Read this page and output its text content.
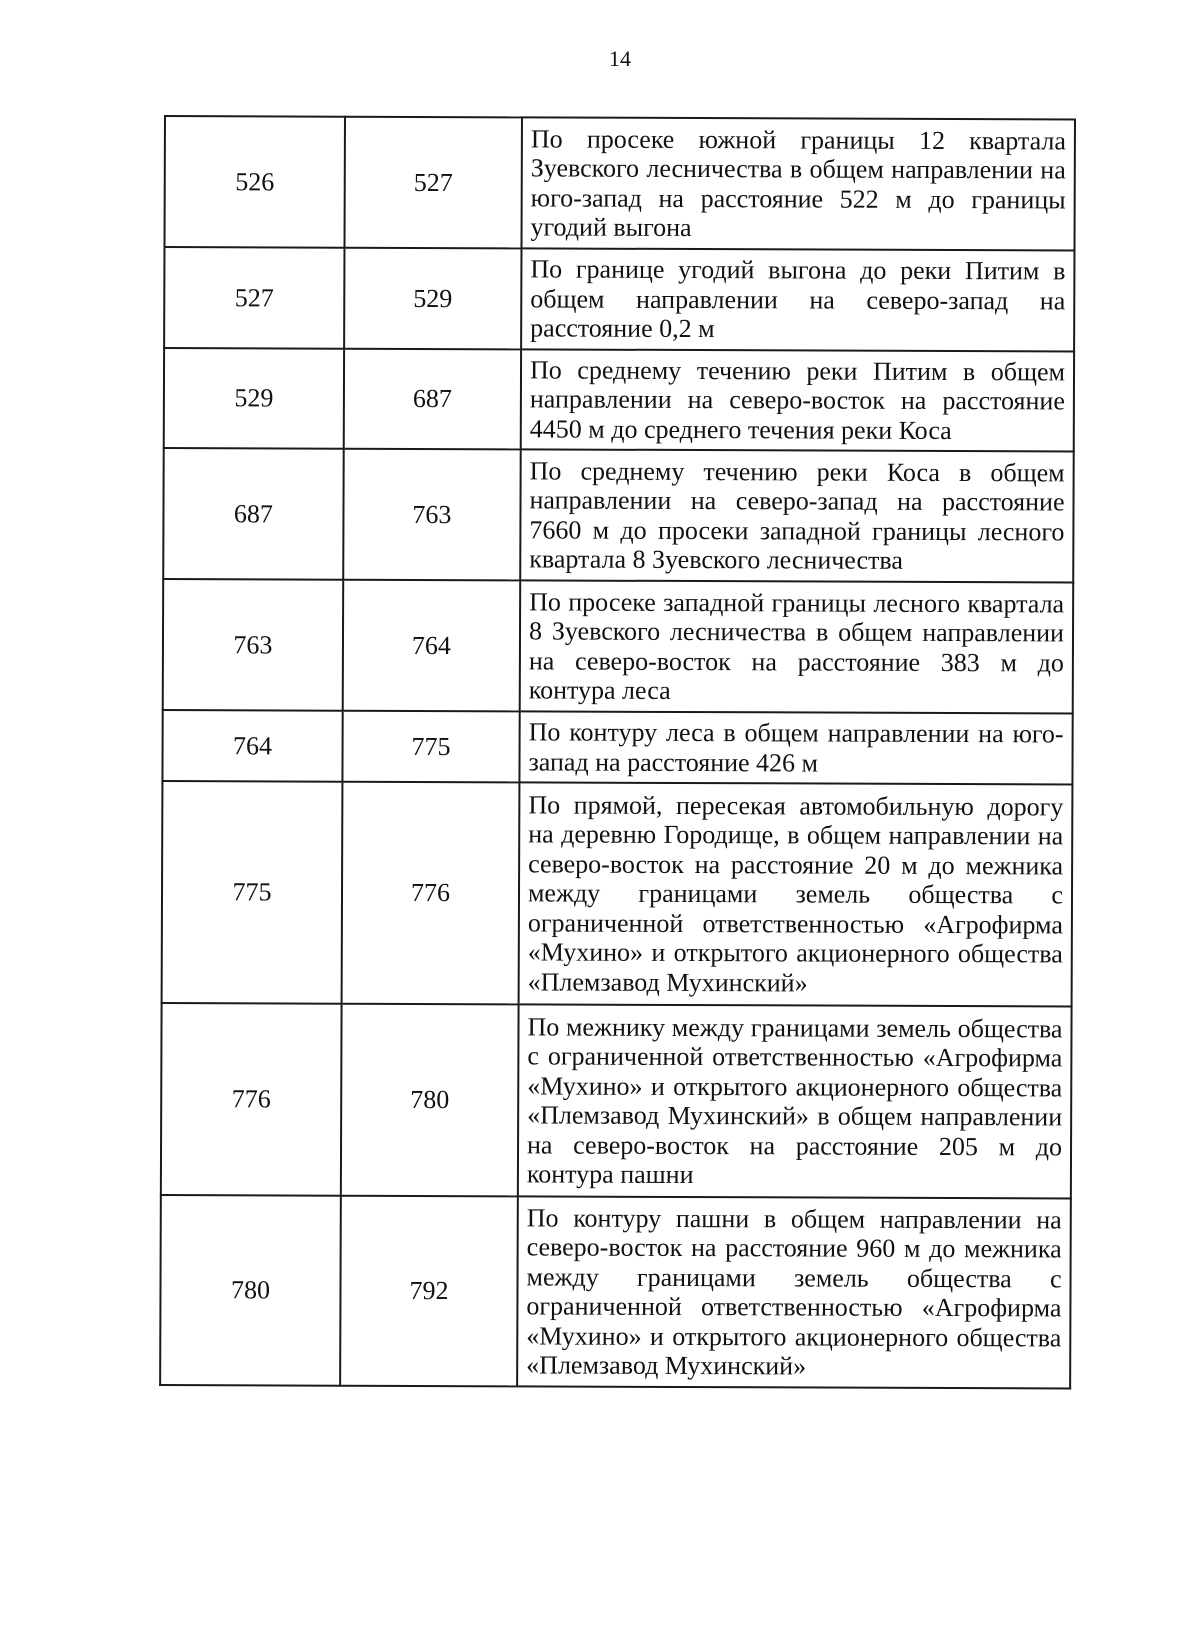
14
526	527	По просеке южной границы 12 квартала Зуевского лесничества в общем направлении на юго-запад на расстояние 522 м до границы угодий выгона

527	529	По границе угодий выгона до реки Питим в общем направлении на северо-запад на расстояние 0,2 м

529	687	По среднему течению реки Питим в общем направлении на северо-восток на расстояние 4450 м до среднего течения реки Коса

687	763	По среднему течению реки Коса в общем направлении на северо-запад на расстояние 7660 м до просеки западной границы лесного квартала 8 Зуевского лесничества

763	764	По просеке западной границы лесного квартала 8 Зуевского лесничества в общем направлении на северо-восток на расстояние 383 м до контура леса

764	775	По контуру леса в общем направлении на юго-запад на расстояние 426 м

775	776	По прямой, пересекая автомобильную дорогу на деревню Городище, в общем направлении на северо-восток на расстояние 20 м до межника между границами земель общества с ограниченной ответственностью «Агрофирма «Мухино» и открытого акционерного общества «Племзавод Мухинский»

776	780	По межнику между границами земель общества с ограниченной ответственностью «Агрофирма «Мухино» и открытого акционерного общества «Племзавод Мухинский» в общем направлении на северо-восток на расстояние 205 м до контура пашни

780	792	По контуру пашни в общем направлении на северо-восток на расстояние 960 м до межника между границами земель общества с ограниченной ответственностью «Агрофирма «Мухино» и открытого акционерного общества «Племзавод Мухинский»
